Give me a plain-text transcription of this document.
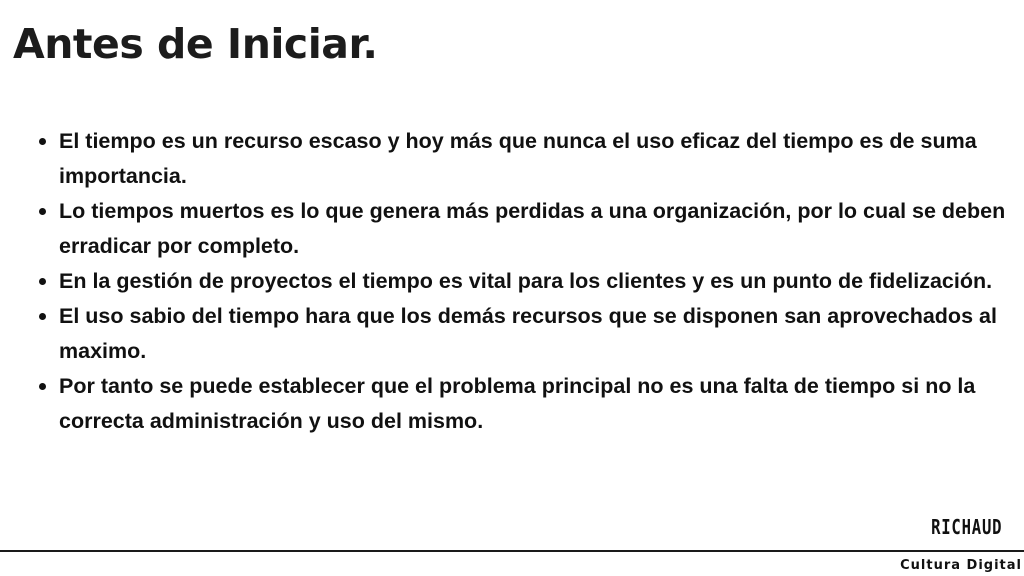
Antes de Iniciar.
El tiempo es un recurso escaso y hoy más que nunca el uso eficaz del tiempo es de suma importancia.
Lo tiempos muertos es lo que genera más perdidas a una organización, por lo cual se deben erradicar por completo.
En la gestión de proyectos el tiempo es vital para los clientes y es un punto de fidelización.
El uso sabio del tiempo hara que los demás recursos que se disponen san aprovechados al maximo.
Por tanto se puede establecer que el problema principal no es una falta de tiempo si no la correcta administración y uso del mismo.
RICHAUD
Cultura Digital
